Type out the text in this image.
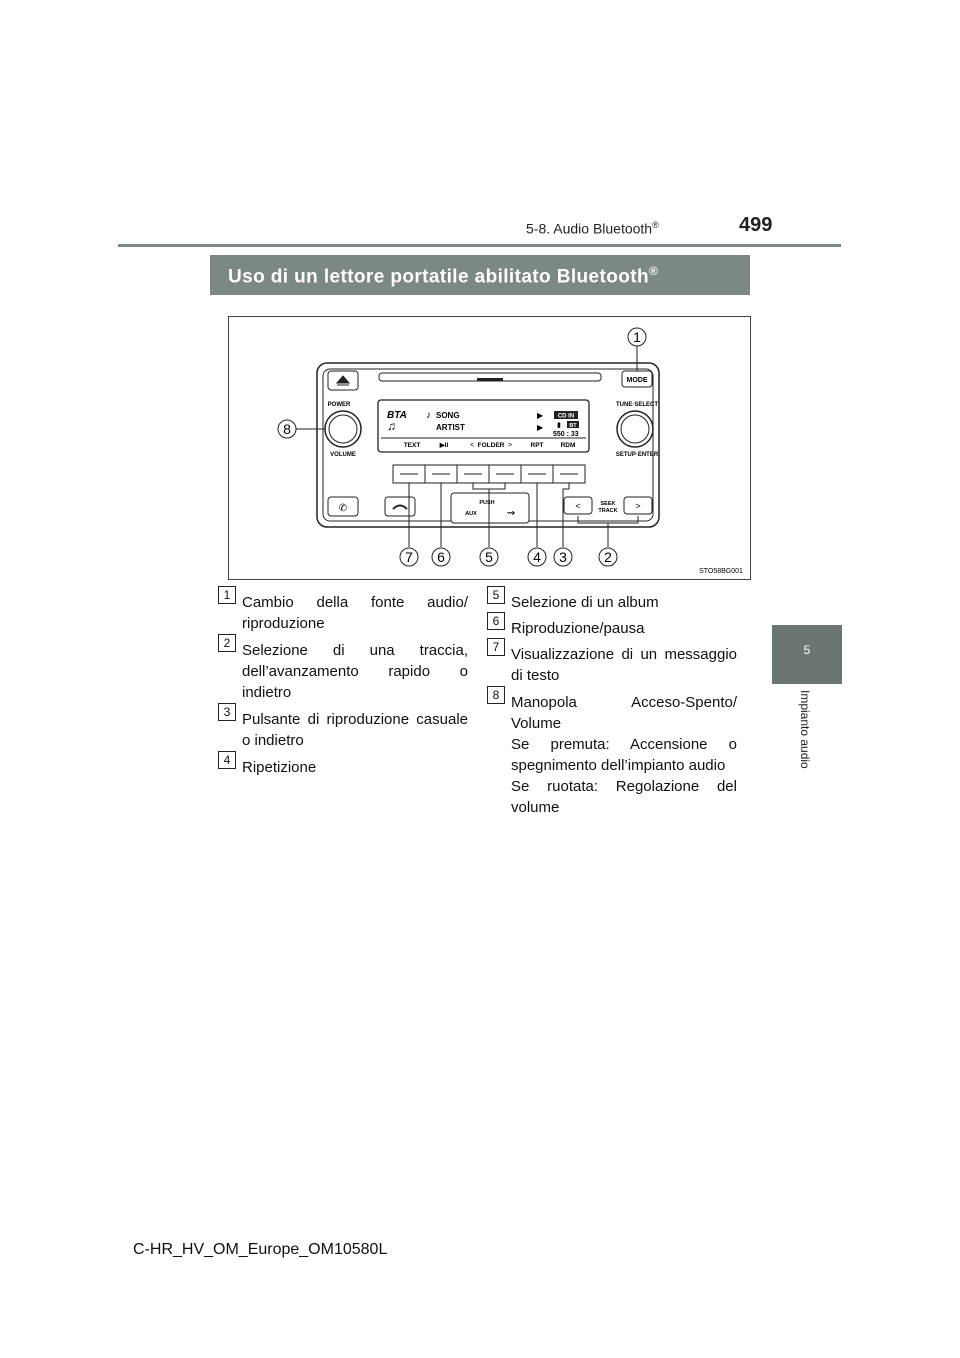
5-8. Audio Bluetooth®	499
5
Impianto audio
Uso di un lettore portatile abilitato Bluetooth®
MODE
POWER
VOLUME
TUNE·SELECT
SETUP·ENTER
BTA
♫
♪ SONG
ARTIST
▶
▶
CD IN
▮ BT
550 : 33
TEXT	▶II	FOLDER
<	>	RPT	RDM
✆	PUSH
AUX	⇝
<	>
SEEK
TRACK
1
2
3
4
5
6
7
8
STO58BG001
1 Cambio della fonte audio/ riproduzione
2 Selezione di una traccia, dell’avanzamento rapido o indietro
3 Pulsante di riproduzione casuale o indietro
4 Ripetizione
5 Selezione di un album
6 Riproduzione/pausa
7 Visualizzazione di un messaggio di testo
8 Manopola Acceso-Spento/ Volume
Se premuta: Accensione o spegnimento dell’impianto audio
Se ruotata: Regolazione del volume
C-HR_HV_OM_Europe_OM10580L
